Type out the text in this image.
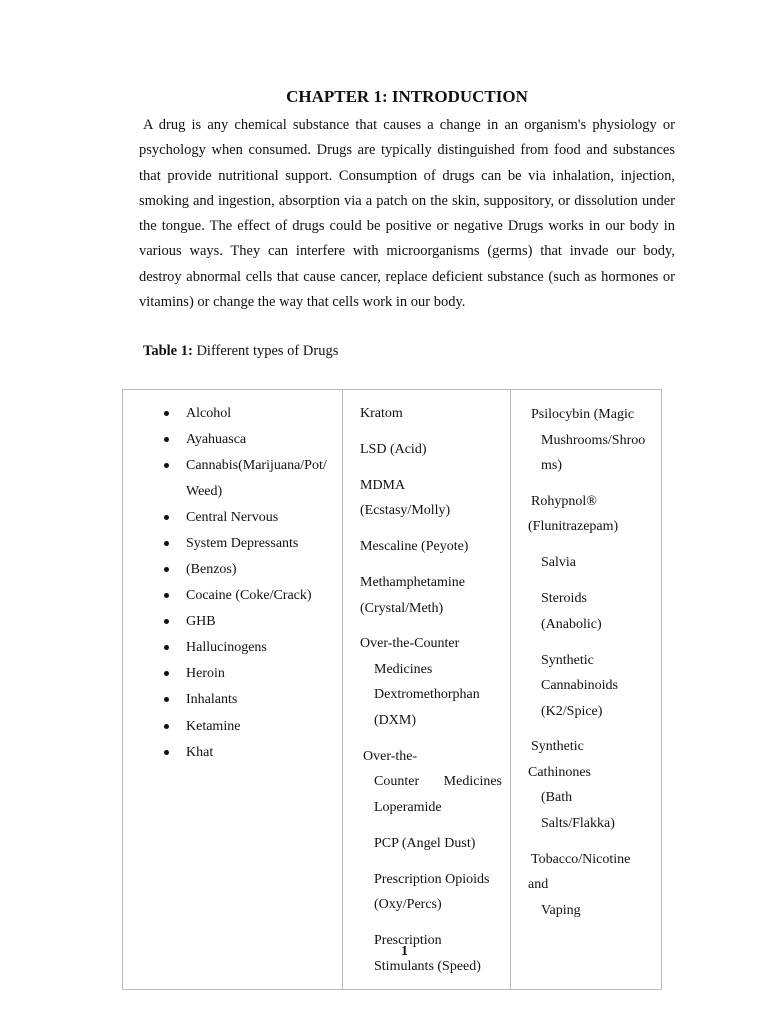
CHAPTER 1: INTRODUCTION

A drug is any chemical substance that causes a change in an organism's physiology or psychology when consumed. Drugs are typically distinguished from food and substances that provide nutritional support. Consumption of drugs can be via inhalation, injection, smoking and ingestion, absorption via a patch on the skin, suppository, or dissolution under the tongue. The effect of drugs could be positive or negative Drugs works in our body in various ways. They can interfere with microorganisms (germs) that invade our body, destroy abnormal cells that cause cancer, replace deficient substance (such as hormones or vitamins) or change the way that cells work in our body.

Table 1: Different types of Drugs
Alcohol
Ayahuasca
Cannabis(Marijuana/Pot/Weed)
Central Nervous
System Depressants
(Benzos)
Cocaine (Coke/Crack)
GHB
Hallucinogens
Heroin
Inhalants
Ketamine
Khat

Kratom
LSD (Acid)
MDMA (Ecstasy/Molly)
Mescaline (Peyote)
Methamphetamine (Crystal/Meth)
Over-the-Counter
Medicines Dextromethorphan (DXM)
Over-the-
Counter Medicines
Loperamide
PCP (Angel Dust)
Prescription Opioids (Oxy/Percs)
Prescription Stimulants (Speed)

Psilocybin (Magic
Mushrooms/Shrooms)
Rohypnol®
(Flunitrazepam)
Salvia
Steroids (Anabolic)
Synthetic Cannabinoids (K2/Spice)
Synthetic
Cathinones
(Bath Salts/Flakka)
Tobacco/Nicotine
and
Vaping
1
